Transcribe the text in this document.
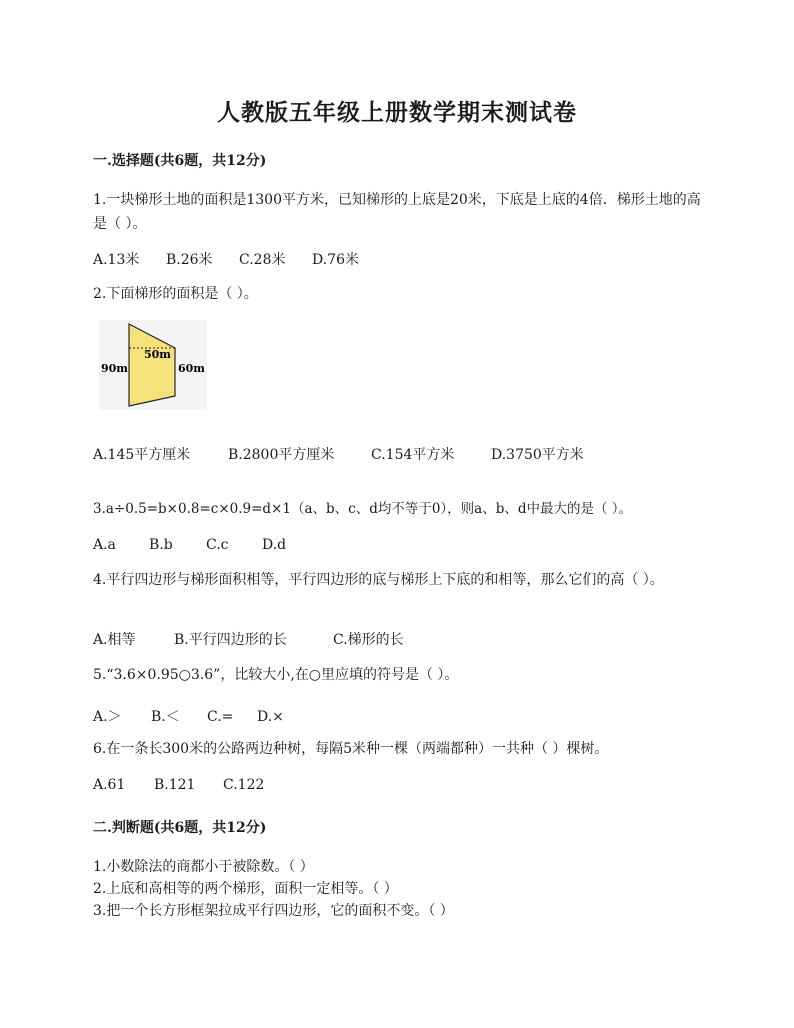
人教版五年级上册数学期末测试卷
一.选择题(共6题，共12分)
1.一块梯形土地的面积是1300平方米，已知梯形的上底是20米，下底是上底的4倍．梯形土地的高是（ ）。
A.13米 B.26米 C.28米 D.76米
2.下面梯形的面积是（ ）。
50m
90m	60m
A.145平方厘米	B.2800平方厘米	C.154平方米	D.3750平方米
3.a÷0.5=b×0.8=c×0.9=d×1（a、b、c、d均不等于0），则a、b、d中最大的是（ ）。
A.a B.b C.c D.d
4.平行四边形与梯形面积相等，平行四边形的底与梯形上下底的和相等，那么它们的高（ ）。
A.相等	B.平行四边形的长	C.梯形的长
5.“3.6×0.95○3.6”，比较大小,在○里应填的符号是（ ）。
A.＞ B.＜ C.= D.×
6.在一条长300米的公路两边种树，每隔5米种一棵（两端都种）一共种（ ）棵树。
A.61 B.121 C.122
二.判断题(共6题，共12分)
1.小数除法的商都小于被除数。（ ）
2.上底和高相等的两个梯形，面积一定相等。（ ）
3.把一个长方形框架拉成平行四边形，它的面积不变。（ ）
